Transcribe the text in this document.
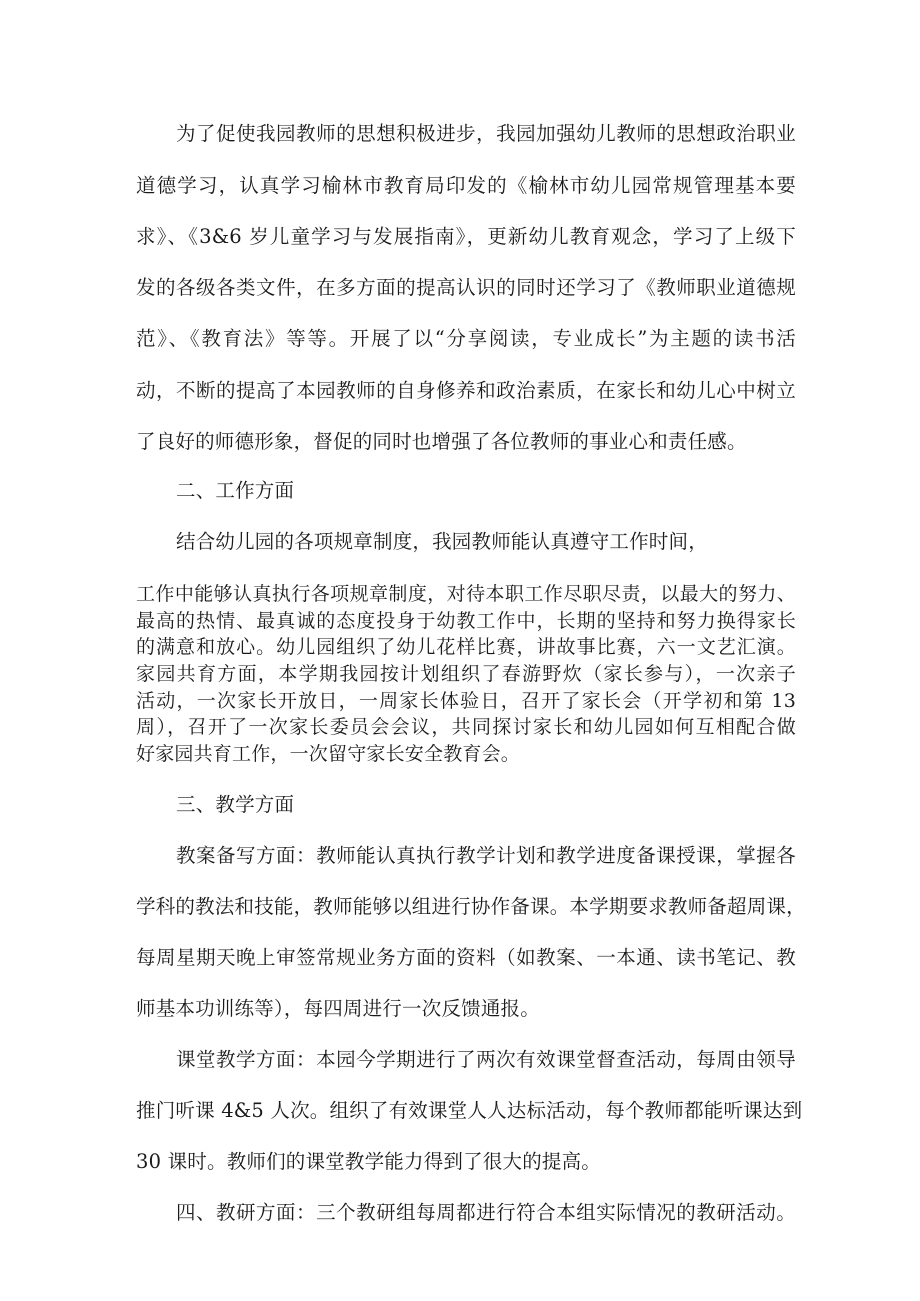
为了促使我园教师的思想积极进步，我园加强幼儿教师的思想政治职业
道德学习，认真学习榆林市教育局印发的《榆林市幼儿园常规管理基本要
求》、《3&6 岁儿童学习与发展指南》，更新幼儿教育观念，学习了上级下
发的各级各类文件，在多方面的提高认识的同时还学习了《教师职业道德规
范》、《教育法》等等。开展了以“分享阅读，专业成长”为主题的读书活
动，不断的提高了本园教师的自身修养和政治素质，在家长和幼儿心中树立
了良好的师德形象，督促的同时也增强了各位教师的事业心和责任感。
二、工作方面
结合幼儿园的各项规章制度，我园教师能认真遵守工作时间，
工作中能够认真执行各项规章制度，对待本职工作尽职尽责，以最大的努力、
最高的热情、最真诚的态度投身于幼教工作中，长期的坚持和努力换得家长
的满意和放心。幼儿园组织了幼儿花样比赛，讲故事比赛，六一文艺汇演。
家园共育方面，本学期我园按计划组织了春游野炊（家长参与），一次亲子
活动，一次家长开放日，一周家长体验日，召开了家长会（开学初和第 13
周），召开了一次家长委员会会议，共同探讨家长和幼儿园如何互相配合做
好家园共育工作，一次留守家长安全教育会。
三、教学方面
教案备写方面：教师能认真执行教学计划和教学进度备课授课，掌握各
学科的教法和技能，教师能够以组进行协作备课。本学期要求教师备超周课，
每周星期天晚上审签常规业务方面的资料（如教案、一本通、读书笔记、教
师基本功训练等），每四周进行一次反馈通报。
课堂教学方面：本园今学期进行了两次有效课堂督查活动，每周由领导
推门听课 4&5 人次。组织了有效课堂人人达标活动，每个教师都能听课达到
30 课时。教师们的课堂教学能力得到了很大的提高。
四、教研方面：三个教研组每周都进行符合本组实际情况的教研活动。
